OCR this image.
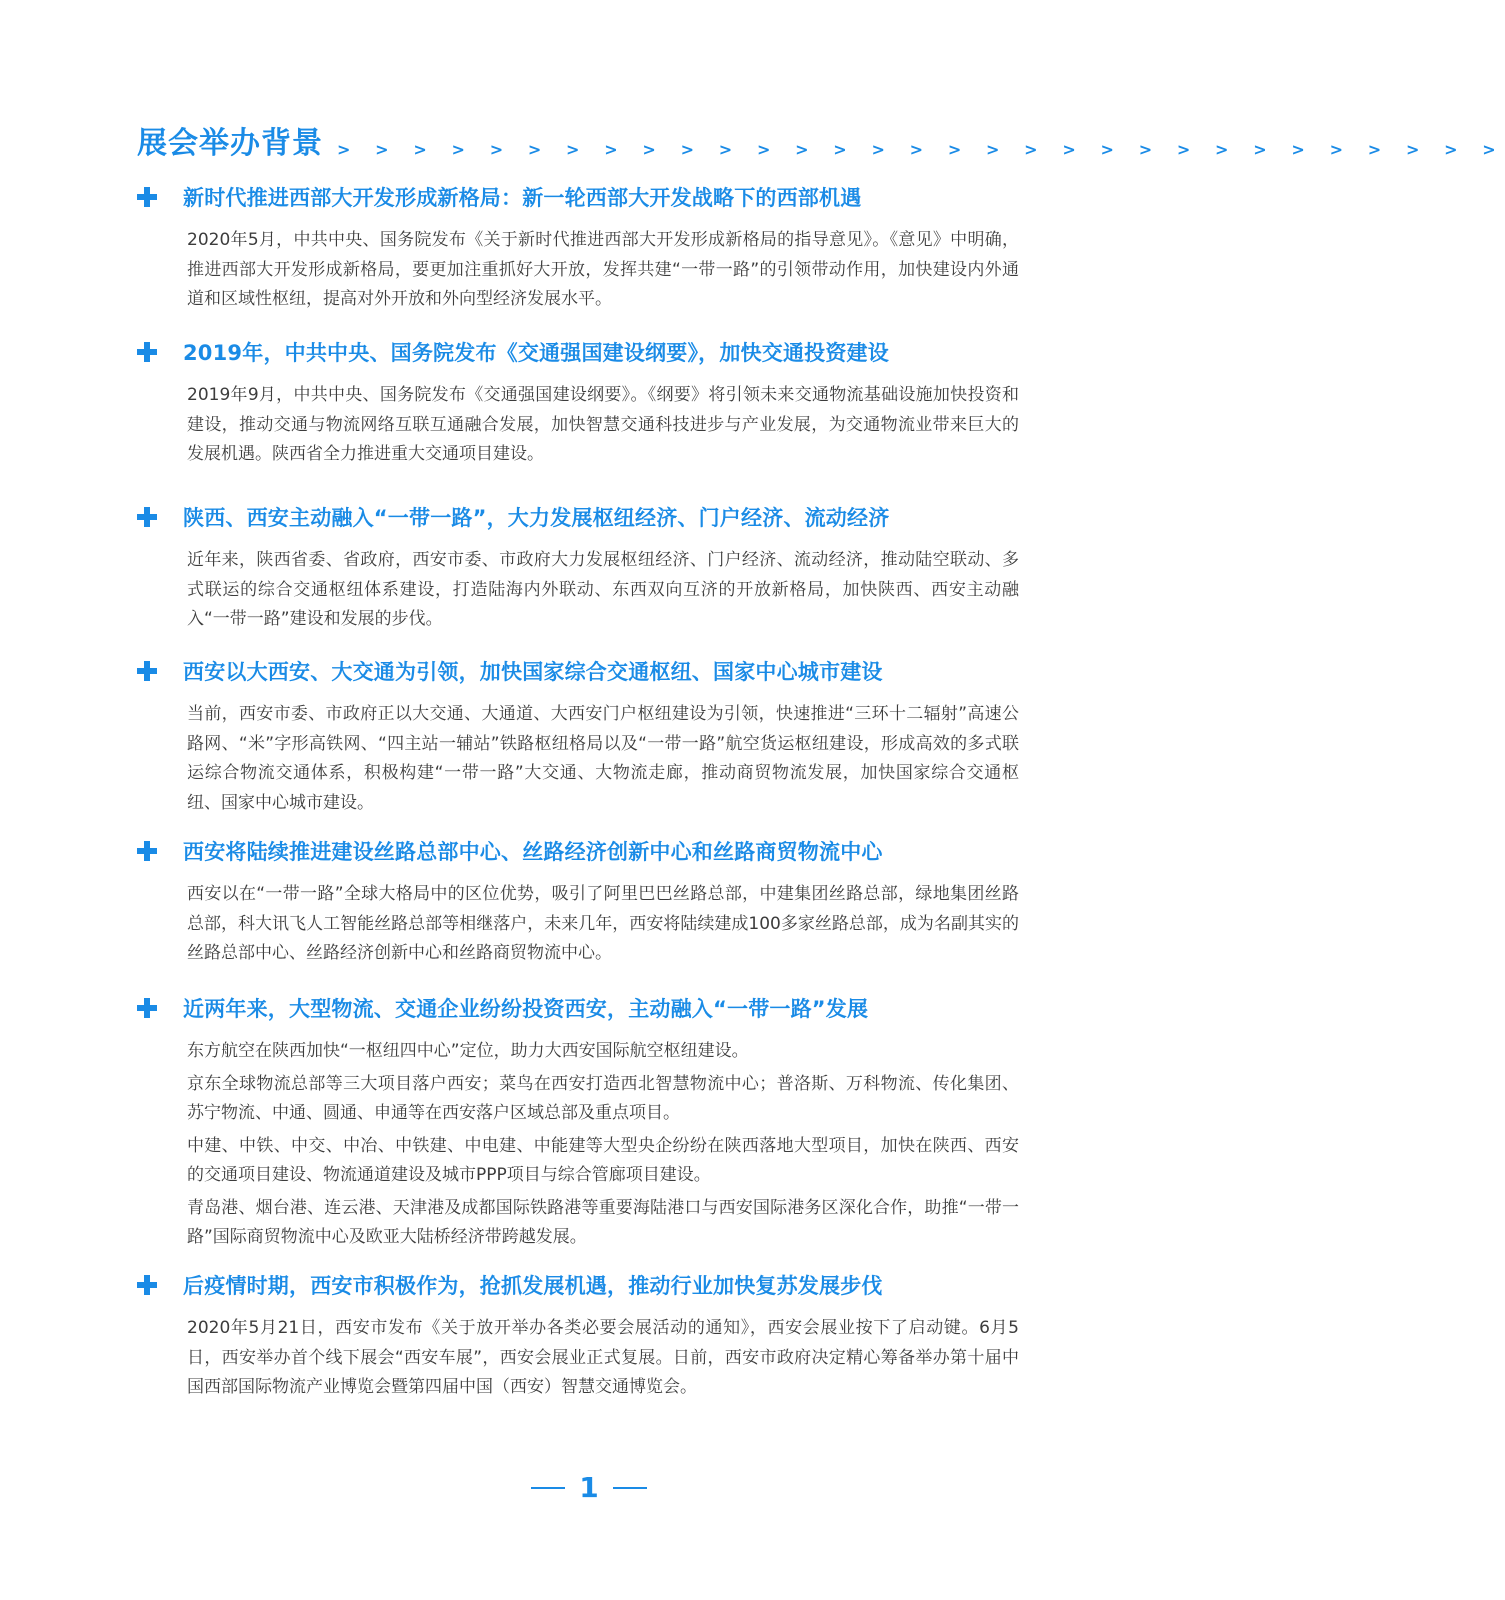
展会举办背景 > > > > > > > > > > > > > > > > > > > > > > > > > > > > > > >
新时代推进西部大开发形成新格局：新一轮西部大开发战略下的西部机遇

2020年5月，中共中央、国务院发布《关于新时代推进西部大开发形成新格局的指导意见》。《意见》中明确，推进西部大开发形成新格局，要更加注重抓好大开放，发挥共建“一带一路”的引领带动作用，加快建设内外通道和区域性枢纽，提高对外开放和外向型经济发展水平。

2019年，中共中央、国务院发布《交通强国建设纲要》，加快交通投资建设

2019年9月，中共中央、国务院发布《交通强国建设纲要》。《纲要》将引领未来交通物流基础设施加快投资和建设，推动交通与物流网络互联互通融合发展，加快智慧交通科技进步与产业发展，为交通物流业带来巨大的发展机遇。陕西省全力推进重大交通项目建设。

陕西、西安主动融入“一带一路”，大力发展枢纽经济、门户经济、流动经济

近年来，陕西省委、省政府，西安市委、市政府大力发展枢纽经济、门户经济、流动经济，推动陆空联动、多式联运的综合交通枢纽体系建设，打造陆海内外联动、东西双向互济的开放新格局，加快陕西、西安主动融入“一带一路”建设和发展的步伐。

西安以大西安、大交通为引领，加快国家综合交通枢纽、国家中心城市建设

当前，西安市委、市政府正以大交通、大通道、大西安门户枢纽建设为引领，快速推进“三环十二辐射”高速公路网、“米”字形高铁网、“四主站一辅站”铁路枢纽格局以及“一带一路”航空货运枢纽建设，形成高效的多式联运综合物流交通体系，积极构建“一带一路”大交通、大物流走廊，推动商贸物流发展，加快国家综合交通枢纽、国家中心城市建设。

西安将陆续推进建设丝路总部中心、丝路经济创新中心和丝路商贸物流中心

西安以在“一带一路”全球大格局中的区位优势，吸引了阿里巴巴丝路总部，中建集团丝路总部，绿地集团丝路总部，科大讯飞人工智能丝路总部等相继落户，未来几年，西安将陆续建成100多家丝路总部，成为名副其实的丝路总部中心、丝路经济创新中心和丝路商贸物流中心。

近两年来，大型物流、交通企业纷纷投资西安，主动融入“一带一路”发展

东方航空在陕西加快“一枢纽四中心”定位，助力大西安国际航空枢纽建设。

京东全球物流总部等三大项目落户西安；菜鸟在西安打造西北智慧物流中心；普洛斯、万科物流、传化集团、苏宁物流、中通、圆通、申通等在西安落户区域总部及重点项目。

中建、中铁、中交、中冶、中铁建、中电建、中能建等大型央企纷纷在陕西落地大型项目，加快在陕西、西安的交通项目建设、物流通道建设及城市PPP项目与综合管廊项目建设。

青岛港、烟台港、连云港、天津港及成都国际铁路港等重要海陆港口与西安国际港务区深化合作，助推“一带一路”国际商贸物流中心及欧亚大陆桥经济带跨越发展。

后疫情时期，西安市积极作为，抢抓发展机遇，推动行业加快复苏发展步伐

2020年5月21日，西安市发布《关于放开举办各类必要会展活动的通知》，西安会展业按下了启动键。6月5日，西安举办首个线下展会“西安车展”，西安会展业正式复展。日前，西安市政府决定精心筹备举办第十届中国西部国际物流产业博览会暨第四届中国（西安）智慧交通博览会。

1
